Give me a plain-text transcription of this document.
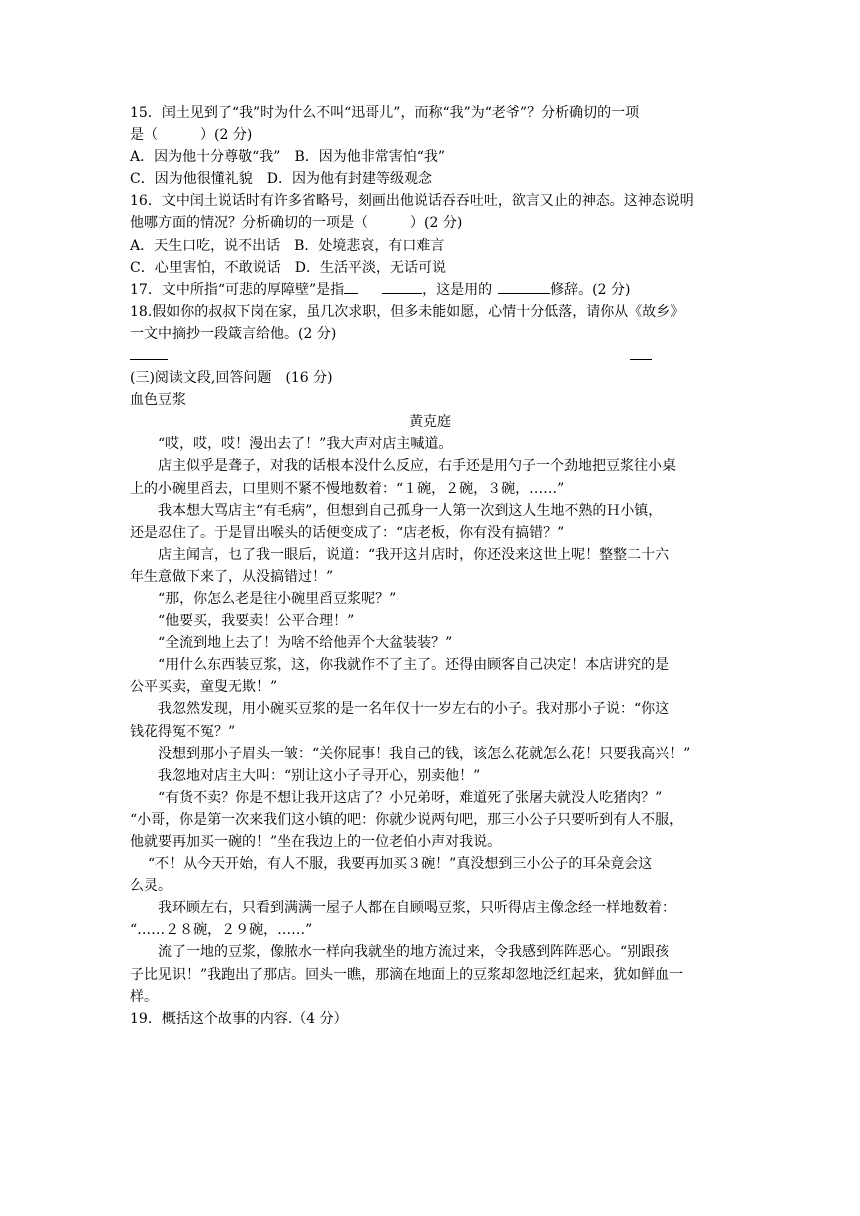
15．闰土见到了“我”时为什么不叫“迅哥儿”，而称“我”为“老爷”？分析确切的一项
是（　　　）(2 分)
A．因为他十分尊敬“我” B．因为他非常害怕“我”
C．因为他很懂礼貌 D．因为他有封建等级观念
16．文中闰土说话时有许多省略号，刻画出他说话吞吞吐吐，欲言又止的神态。这神态说明
他哪方面的情况？分析确切的一项是（　　　）(2 分)
A．天生口吃，说不出话 B．处境悲哀，有口难言
C．心里害怕，不敢说话 D．生活平淡，无话可说
17．文中所指“可悲的厚障壁”是指	，这是用的	修辞。(2 分)
18.假如你的叔叔下岗在家，虽几次求职，但多未能如愿，心情十分低落，请你从《故乡》
一文中摘抄一段箴言给他。(2 分)
(三)阅读文段,回答问题　(16 分)
血色豆浆
黄克庭
“哎，哎，哎！漫出去了！”我大声对店主喊道。
店主似乎是聋子，对我的话根本没什么反应，右手还是用勺子一个劲地把豆浆往小桌
上的小碗里舀去，口里则不紧不慢地数着：“１碗，２碗，３碗，……”
我本想大骂店主“有毛病”，但想到自己孤身一人第一次到这人生地不熟的Ｈ小镇，
还是忍住了。于是冒出喉头的话便变成了：“店老板，你有没有搞错？”
店主闻言，乜了我一眼后，说道：“我开这爿店时，你还没来这世上呢！整整二十六
年生意做下来了，从没搞错过！”
“那，你怎么老是往小碗里舀豆浆呢？”
“他要买，我要卖！公平合理！”
“全流到地上去了！为啥不给他弄个大盆装装？”
“用什么东西装豆浆，这，你我就作不了主了。还得由顾客自己决定！本店讲究的是
公平买卖，童叟无欺！”
我忽然发现，用小碗买豆浆的是一名年仅十一岁左右的小子。我对那小子说：“你这
钱花得冤不冤？”
没想到那小子眉头一皱：“关你屁事！我自己的钱，该怎么花就怎么花！只要我高兴！”
我忽地对店主大叫：“别让这小子寻开心，别卖他！”
“有货不卖？你是不想让我开这店了？小兄弟呀，难道死了张屠夫就没人吃猪肉？”
“小哥，你是第一次来我们这小镇的吧：你就少说两句吧，那三小公子只要听到有人不服，
他就要再加买一碗的！”坐在我边上的一位老伯小声对我说。
“不！从今天开始，有人不服，我要再加买３碗！”真没想到三小公子的耳朵竟会这
么灵。
我环顾左右，只看到满满一屋子人都在自顾喝豆浆，只听得店主像念经一样地数着：
“……２８碗，２９碗，……”
流了一地的豆浆，像脓水一样向我就坐的地方流过来，令我感到阵阵恶心。“别跟孩
子比见识！”我跑出了那店。回头一瞧，那滴在地面上的豆浆却忽地泛红起来，犹如鲜血一
样。
19．概括这个故事的内容.（4 分）
